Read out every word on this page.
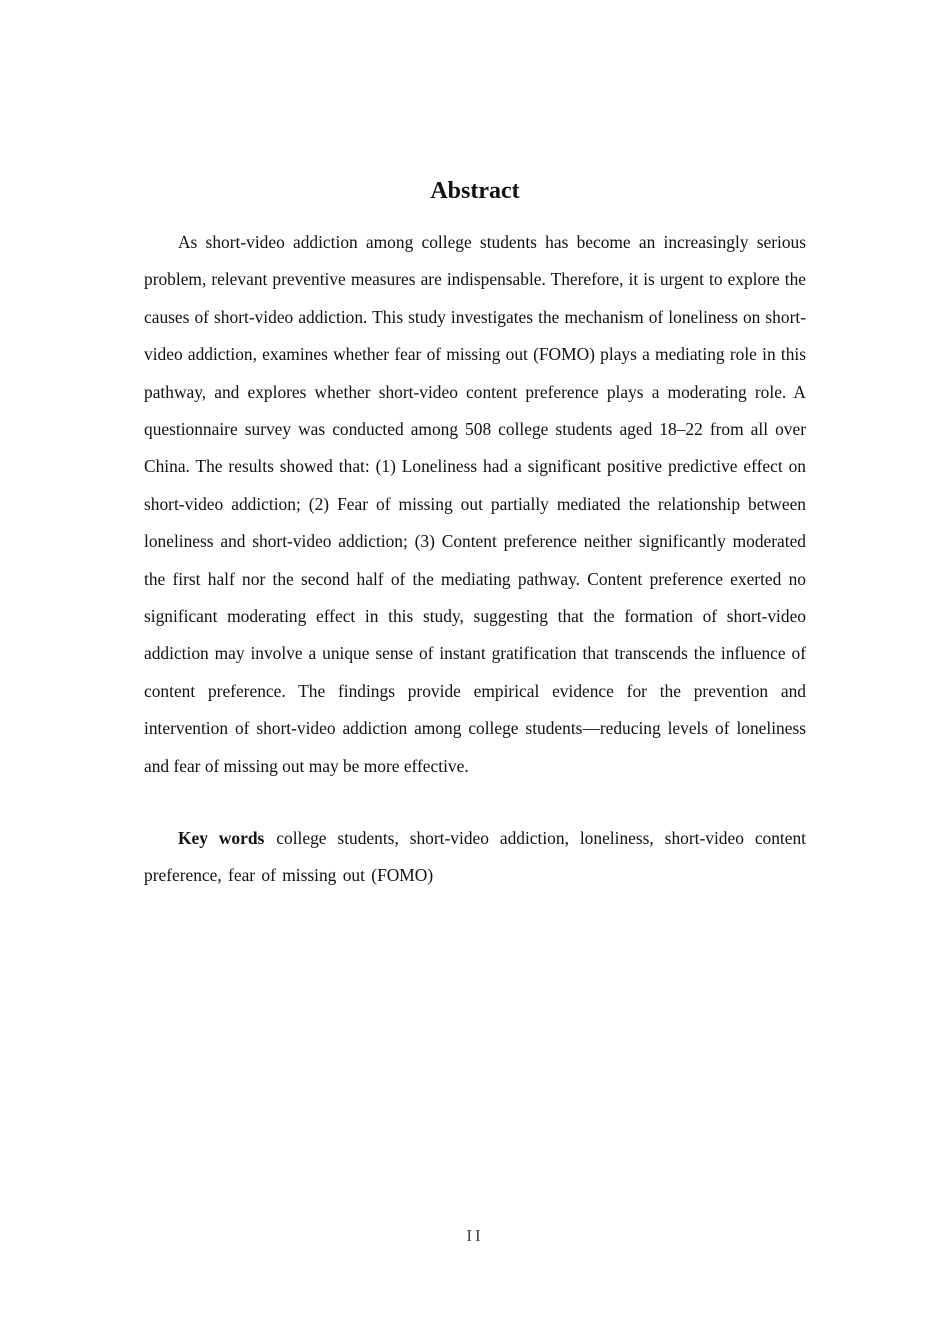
Abstract

As short-video addiction among college students has become an increasingly serious problem, relevant preventive measures are indispensable. Therefore, it is urgent to explore the causes of short-video addiction. This study investigates the mechanism of loneliness on short-video addiction, examines whether fear of missing out (FOMO) plays a mediating role in this pathway, and explores whether short-video content preference plays a moderating role. A questionnaire survey was conducted among 508 college students aged 18–22 from all over China. The results showed that: (1) Loneliness had a significant positive predictive effect on short-video addiction; (2) Fear of missing out partially mediated the relationship between loneliness and short-video addiction; (3) Content preference neither significantly moderated the first half nor the second half of the mediating pathway. Content preference exerted no significant moderating effect in this study, suggesting that the formation of short-video addiction may involve a unique sense of instant gratification that transcends the influence of content preference. The findings provide empirical evidence for the prevention and intervention of short-video addiction among college students—reducing levels of loneliness and fear of missing out may be more effective.

Key words college students, short-video addiction, loneliness, short-video content preference, fear of missing out (FOMO)

II
